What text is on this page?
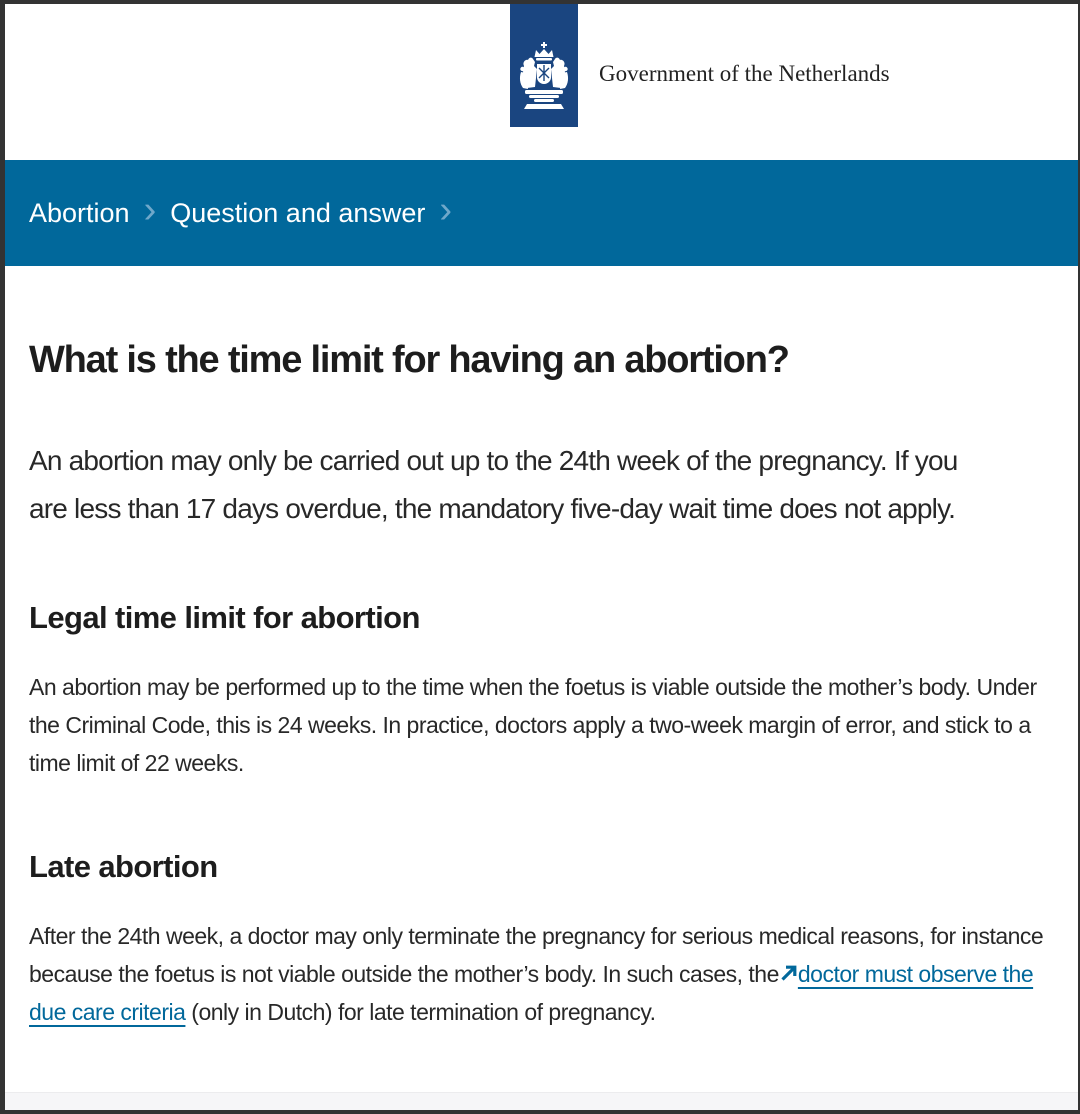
Government of the Netherlands
Abortion › Question and answer ›
What is the time limit for having an abortion?

An abortion may only be carried out up to the 24th week of the pregnancy. If you are less than 17 days overdue, the mandatory five-day wait time does not apply.

Legal time limit for abortion

An abortion may be performed up to the time when the foetus is viable outside the mother’s body. Under the Criminal Code, this is 24 weeks. In practice, doctors apply a two-week margin of error, and stick to a time limit of 22 weeks.

Late abortion

After the 24th week, a doctor may only terminate the pregnancy for serious medical reasons, for instance because the foetus is not viable outside the mother’s body. In such cases, the doctor must observe the due care criteria (only in Dutch) for late termination of pregnancy.
